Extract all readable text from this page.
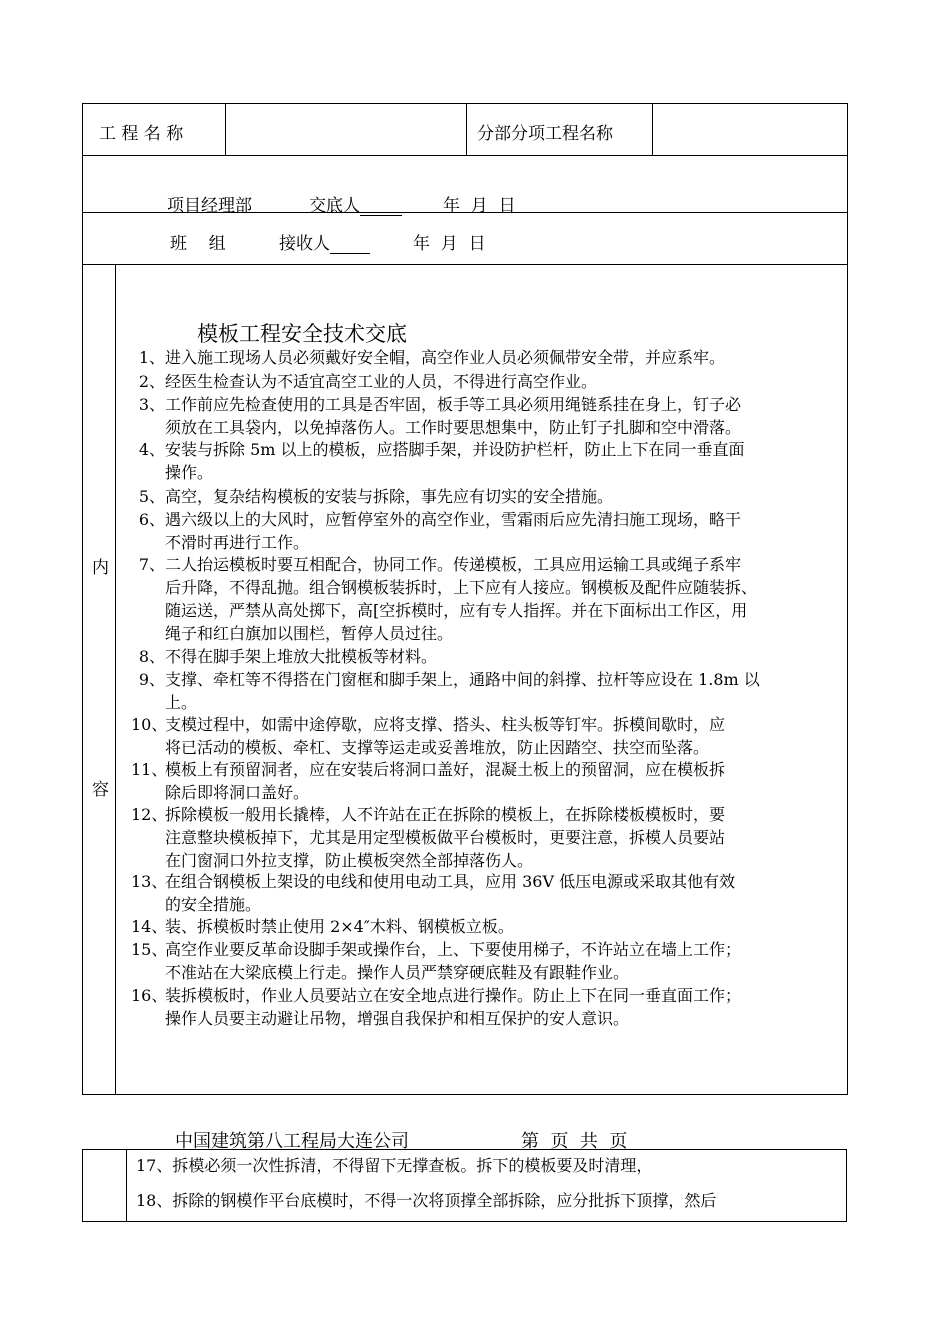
工 程 名 称	分部分项工程名称
项目经理部	交底人	年  月  日
班    组	接收人	年  月  日
内
容
模板工程安全技术交底
1、 进入施工现场人员必须戴好安全帽，高空作业人员必须佩带安全带，并应系牢。
2、 经医生检查认为不适宜高空工业的人员，不得进行高空作业。
3、 工作前应先检查使用的工具是否牢固，板手等工具必须用绳链系挂在身上，钉子必
须放在工具袋内，以免掉落伤人。工作时要思想集中，防止钉子扎脚和空中滑落。
4、 安装与拆除 5m 以上的模板，应搭脚手架，并设防护栏杆，防止上下在同一垂直面
操作。
5、 高空，复杂结构模板的安装与拆除，事先应有切实的安全措施。
6、 遇六级以上的大风时，应暂停室外的高空作业，雪霜雨后应先清扫施工现场，略干
不滑时再进行工作。
7、 二人抬运模板时要互相配合，协同工作。传递模板，工具应用运输工具或绳子系牢
后升降，不得乱抛。组合钢模板装拆时，上下应有人接应。钢模板及配件应随装拆、
随运送，严禁从高处掷下，高[空拆模时，应有专人指挥。并在下面标出工作区，用
绳子和红白旗加以围栏，暂停人员过往。
8、 不得在脚手架上堆放大批模板等材料。
9、 支撑、牵杠等不得搭在门窗框和脚手架上，通路中间的斜撑、拉杆等应设在 1.8m 以
上。
10、
支模过程中，如需中途停歇，应将支撑、搭头、柱头板等钉牢。拆模间歇时，应
将已活动的模板、牵杠、支撑等运走或妥善堆放，防止因踏空、扶空而坠落。
11、
模板上有预留洞者，应在安装后将洞口盖好，混凝土板上的预留洞，应在模板拆
除后即将洞口盖好。
12、
拆除模板一般用长撬棒，人不许站在正在拆除的模板上，在拆除楼板模板时，要
注意整块模板掉下，尤其是用定型模板做平台模板时，更要注意，拆模人员要站
在门窗洞口外拉支撑，防止模板突然全部掉落伤人。
13、
在组合钢模板上架设的电线和使用电动工具，应用 36V 低压电源或采取其他有效
的安全措施。
14、
装、拆模板时禁止使用 2×4″木料、钢模板立板。
15、
高空作业要反革命设脚手架或操作台，上、下要使用梯子，不许站立在墙上工作；
不准站在大梁底模上行走。操作人员严禁穿硬底鞋及有跟鞋作业。
16、
装拆模板时，作业人员要站立在安全地点进行操作。防止上下在同一垂直面工作；
操作人员要主动避让吊物，增强自我保护和相互保护的安人意识。
中国建筑第八工程局大连公司	第  页  共  页
17、拆模必须一次性拆清，不得留下无撑查板。拆下的模板要及时清理，
18、拆除的钢模作平台底模时，不得一次将顶撑全部拆除，应分批拆下顶撑，然后
